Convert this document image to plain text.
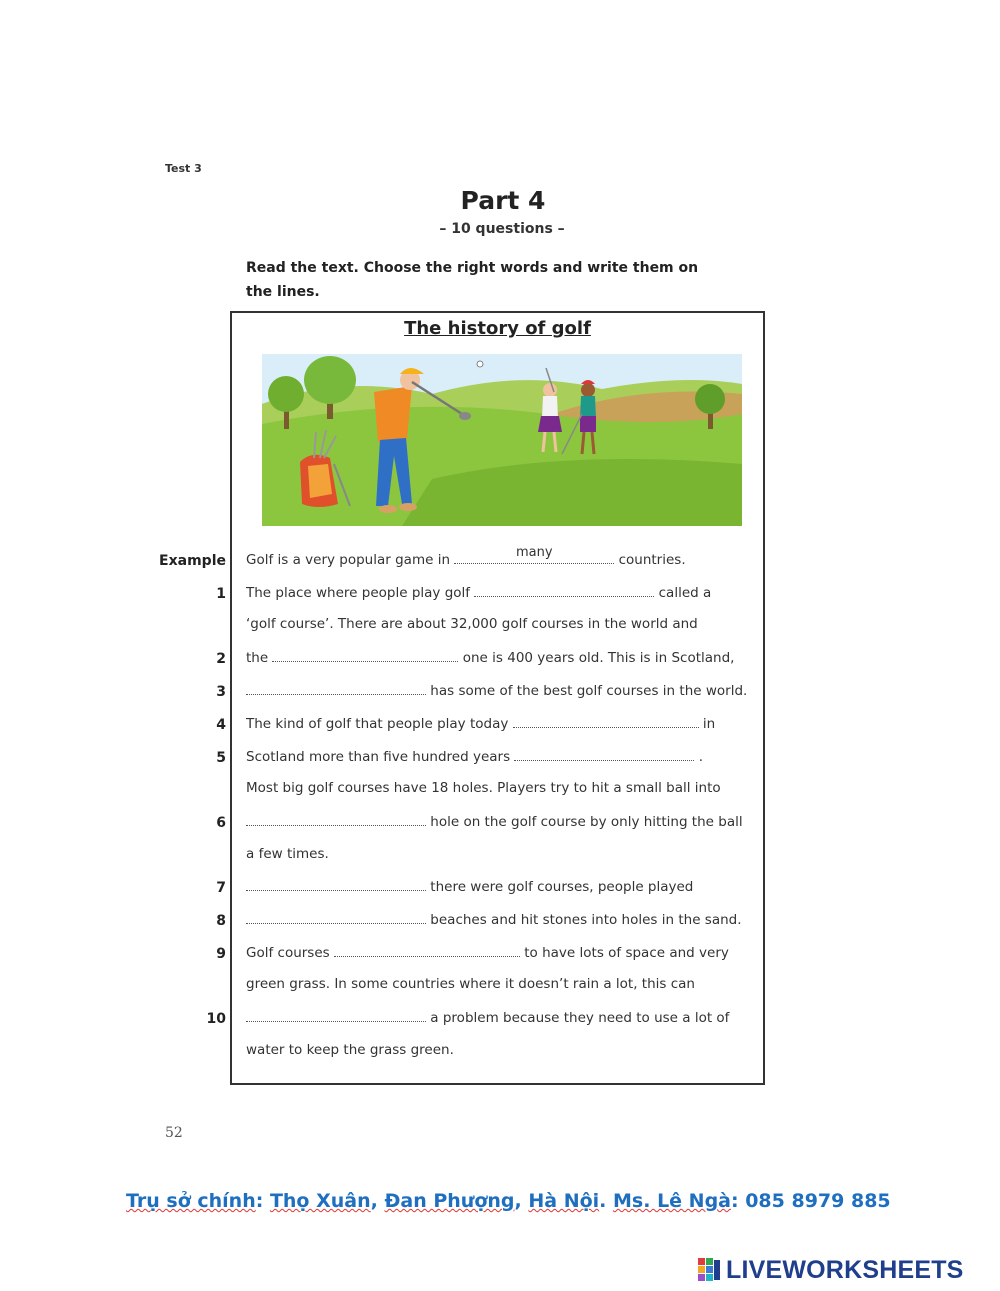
Test 3
Part 4
– 10 questions –
Read the text. Choose the right words and write them on the lines.
The history of golf
Example Golf is a very popular game in	many	countries.
1 The place where people play golf	called a
‘golf course’. There are about 32,000 golf courses in the world and
2 the	one is 400 years old. This is in Scotland,
3	has some of the best golf courses in the world.
4 The kind of golf that people play today	in
5 Scotland more than five hundred years	.
Most big golf courses have 18 holes. Players try to hit a small ball into
6	hole on the golf course by only hitting the ball
a few times.
7	there were golf courses, people played
8	beaches and hit stones into holes in the sand.
9 Golf courses	to have lots of space and very
green grass. In some countries where it doesn’t rain a lot, this can
10	a problem because they need to use a lot of
water to keep the grass green.
52
Trụ sở chính: Thọ Xuân, Đan Phượng, Hà Nội. Ms. Lê Ngà: 085 8979 885
LIVEWORKSHEETS
